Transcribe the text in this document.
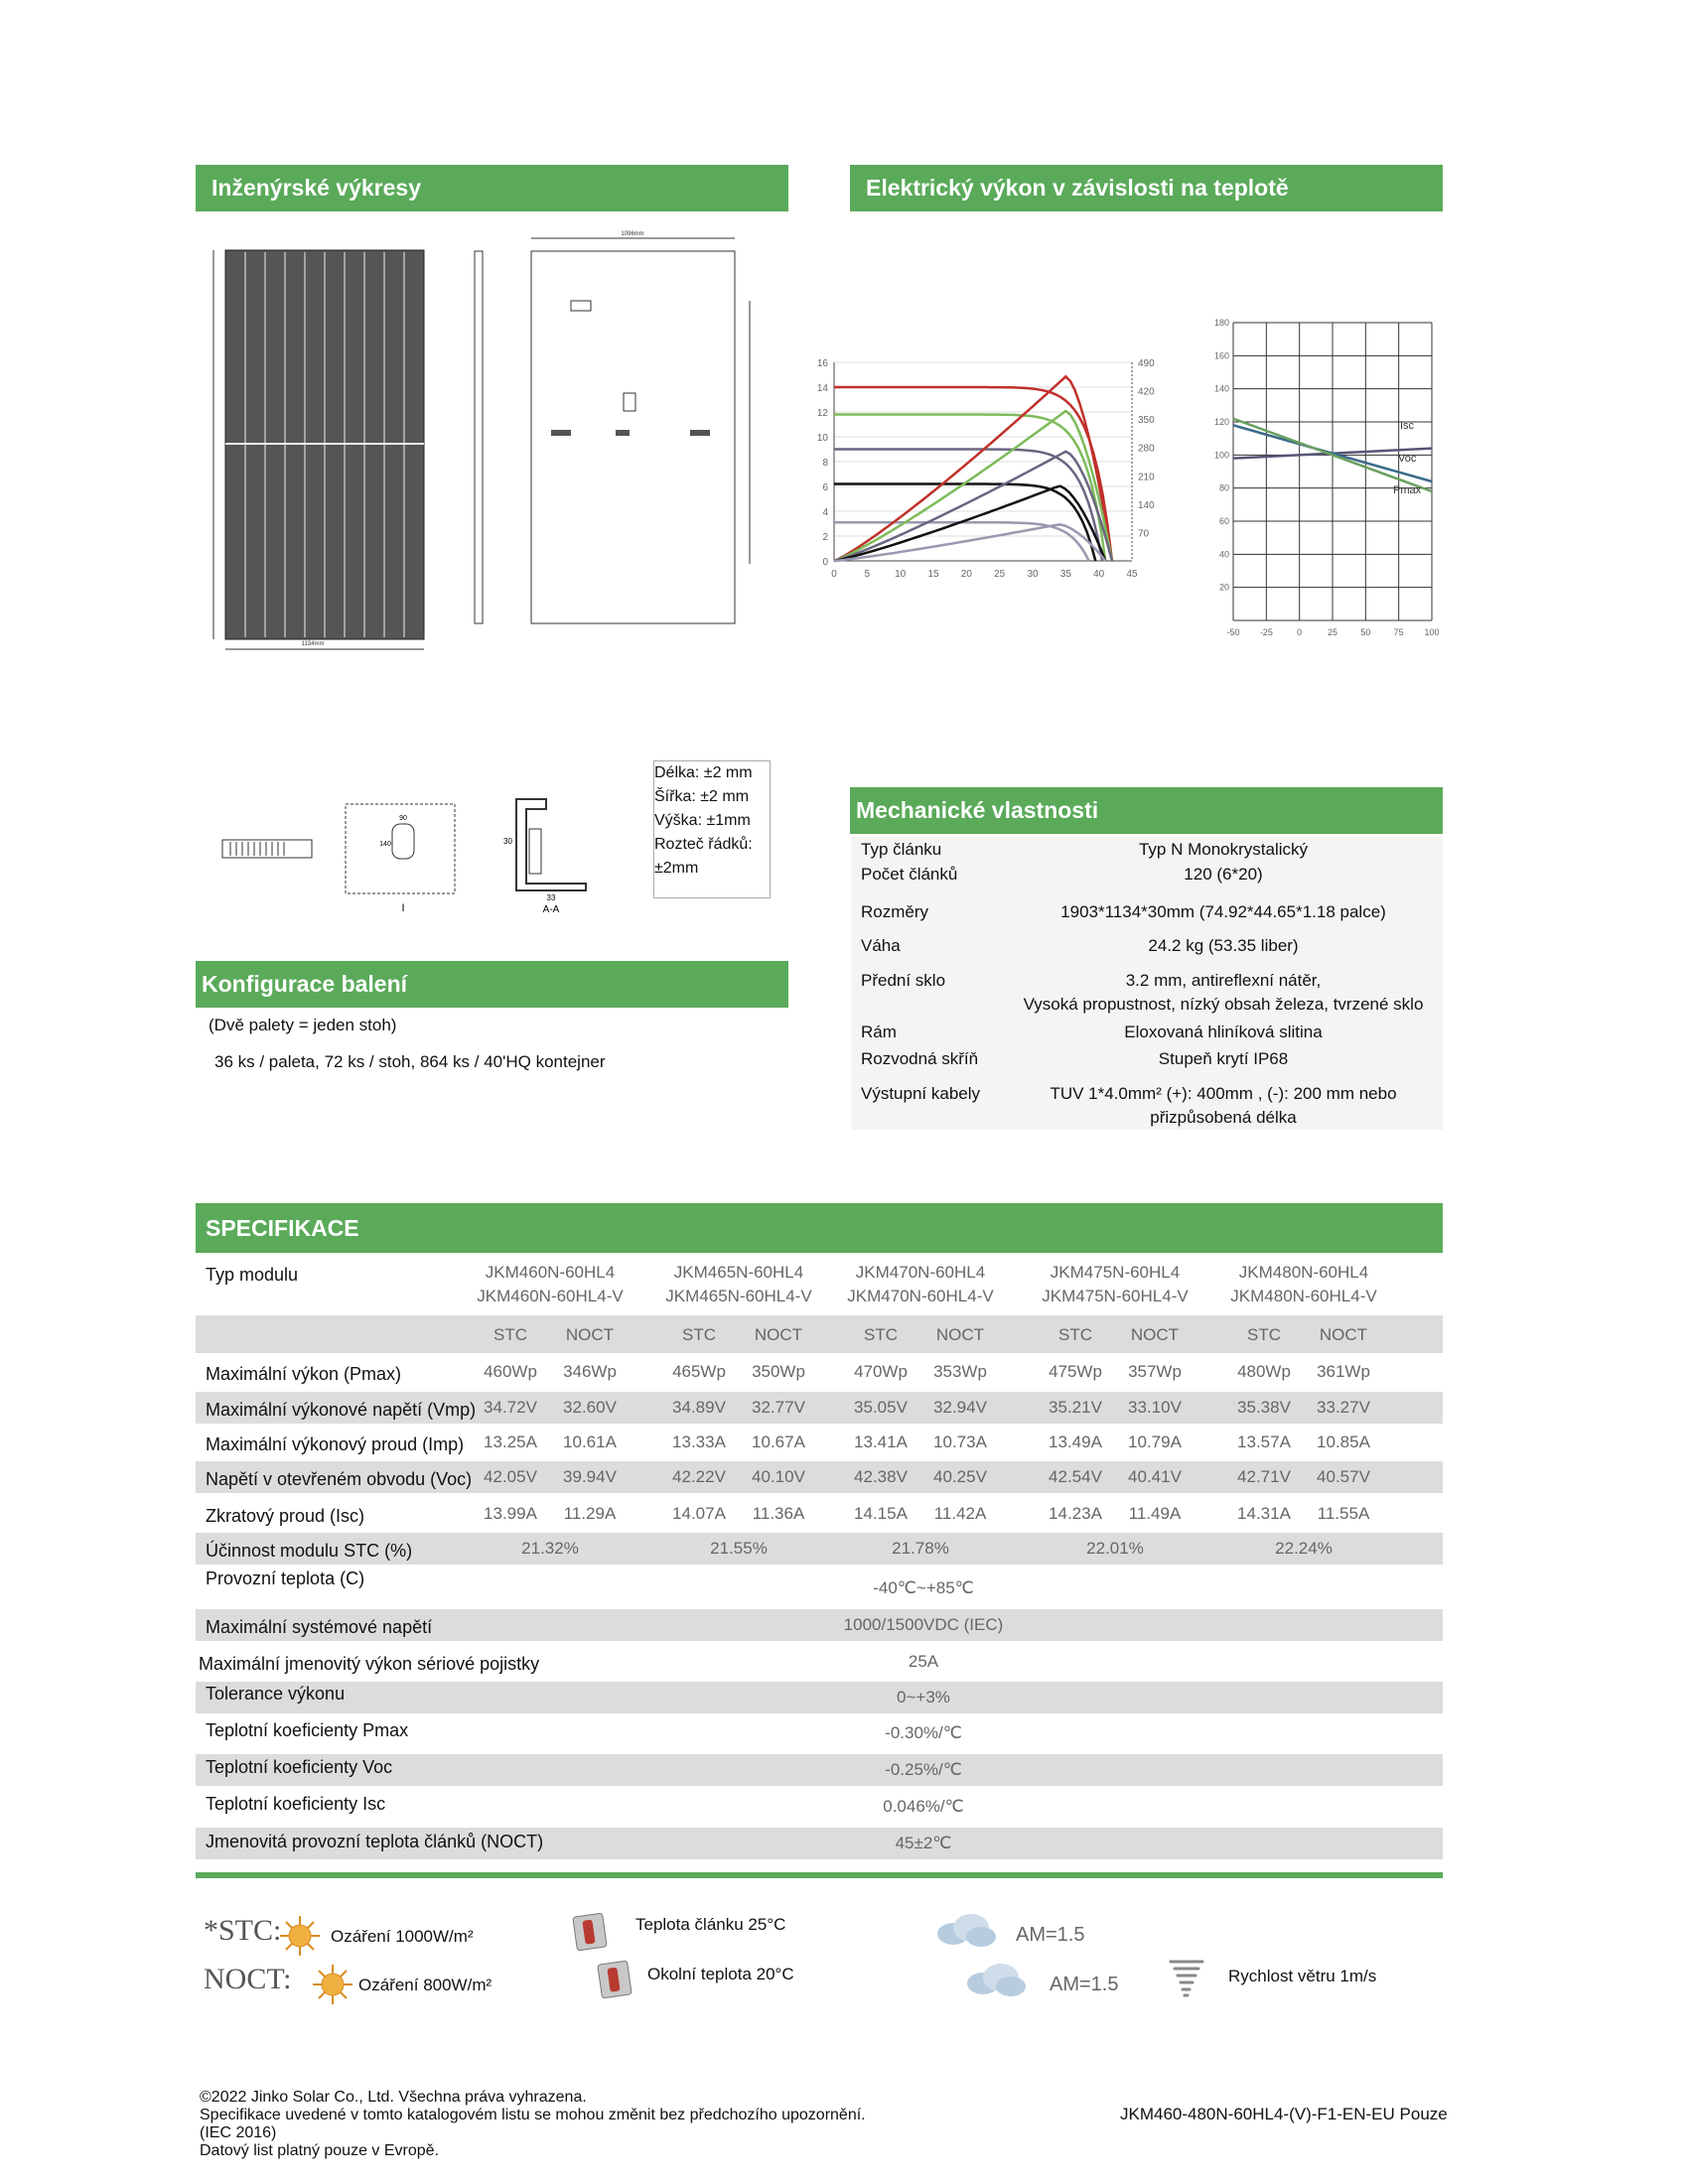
Inženýrské výkresy	Elektrický výkon v závislosti na teplotě
1134mm
1096mm
0	5 10 15 20 25 30 35 40 45
0
2
4
6
8
10
12
14
16
70
140
210
280
350
420
490
Isc
Voc
Pmax
-50 -25	0	25	50	75 100
20
40
60
80
100
120
140
160
180
90
140
I
30
33
A-A
Délka: ±2 mm
Šířka: ±2 mm
Výška: ±1mm
Rozteč řádků:
±2mm
Konfigurace balení
(Dvě palety = jeden stoh)
36 ks / paleta, 72 ks / stoh, 864 ks / 40'HQ kontejner
Mechanické vlastnosti
Typ článku	Typ N Monokrystalický
Počet článků	120 (6*20)
Rozměry	1903*1134*30mm (74.92*44.65*1.18 palce)
Váha	24.2 kg (53.35 liber)
Přední sklo	3.2 mm, antireflexní nátěr,
Vysoká propustnost, nízký obsah železa, tvrzené sklo
Rám	Eloxovaná hliníková slitina
Rozvodná skříň	Stupeň krytí IP68
Výstupní kabely	TUV 1*4.0mm² (+): 400mm , (-): 200 mm nebo
přizpůsobená délka
SPECIFIKACE
Typ modulu	JKM460N-60HL4
JKM460N-60HL4-V
JKM465N-60HL4
JKM465N-60HL4-V
JKM470N-60HL4
JKM470N-60HL4-V
JKM475N-60HL4
JKM475N-60HL4-V
JKM480N-60HL4
JKM480N-60HL4-V
STC	NOCT	STC	NOCT	STC	NOCT	STC	NOCT	STC	NOCT
Maximální výkon (Pmax)	460Wp	346Wp	465Wp	350Wp	470Wp	353Wp	475Wp	357Wp	480Wp	361Wp
Maximální výkonové napětí (Vmp) 34.72V	32.60V	34.89V	32.77V	35.05V	32.94V	35.21V	33.10V	35.38V	33.27V
Maximální výkonový proud (Imp)	13.25A	10.61A	13.33A	10.67A	13.41A	10.73A	13.49A	10.79A	13.57A	10.85A
Napětí v otevřeném obvodu (Voc) 42.05V	39.94V	42.22V	40.10V	42.38V	40.25V	42.54V	40.41V	42.71V	40.57V
Zkratový proud (Isc)	13.99A	11.29A	14.07A	11.36A	14.15A	11.42A	14.23A	11.49A	14.31A	11.55A
Účinnost modulu STC (%)	21.32%	21.55%	21.78%	22.01%	22.24%
Provozní teplota (C)	-40℃~+85℃
Maximální systémové napětí	1000/1500VDC (IEC)
Maximální jmenovitý výkon sériové pojistky	25A
Tolerance výkonu	0~+3%
Teplotní koeficienty Pmax	-0.30%/℃
Teplotní koeficienty Voc	-0.25%/℃
Teplotní koeficienty Isc	0.046%/℃
Jmenovitá provozní teplota článků (NOCT)	45±2℃
*STC:
NOCT:
Ozáření 1000W/m²
Ozáření 800W/m²
Teplota článku 25°C
Okolní teplota 20°C
AM=1.5
AM=1.5	Rychlost větru 1m/s
©2022 Jinko Solar Co., Ltd. Všechna práva vyhrazena.
Specifikace uvedené v tomto katalogovém listu se mohou změnit bez předchozího upozornění.
(IEC 2016)
Datový list platný pouze v Evropě.
JKM460-480N-60HL4-(V)-F1-EN-EU Pouze
